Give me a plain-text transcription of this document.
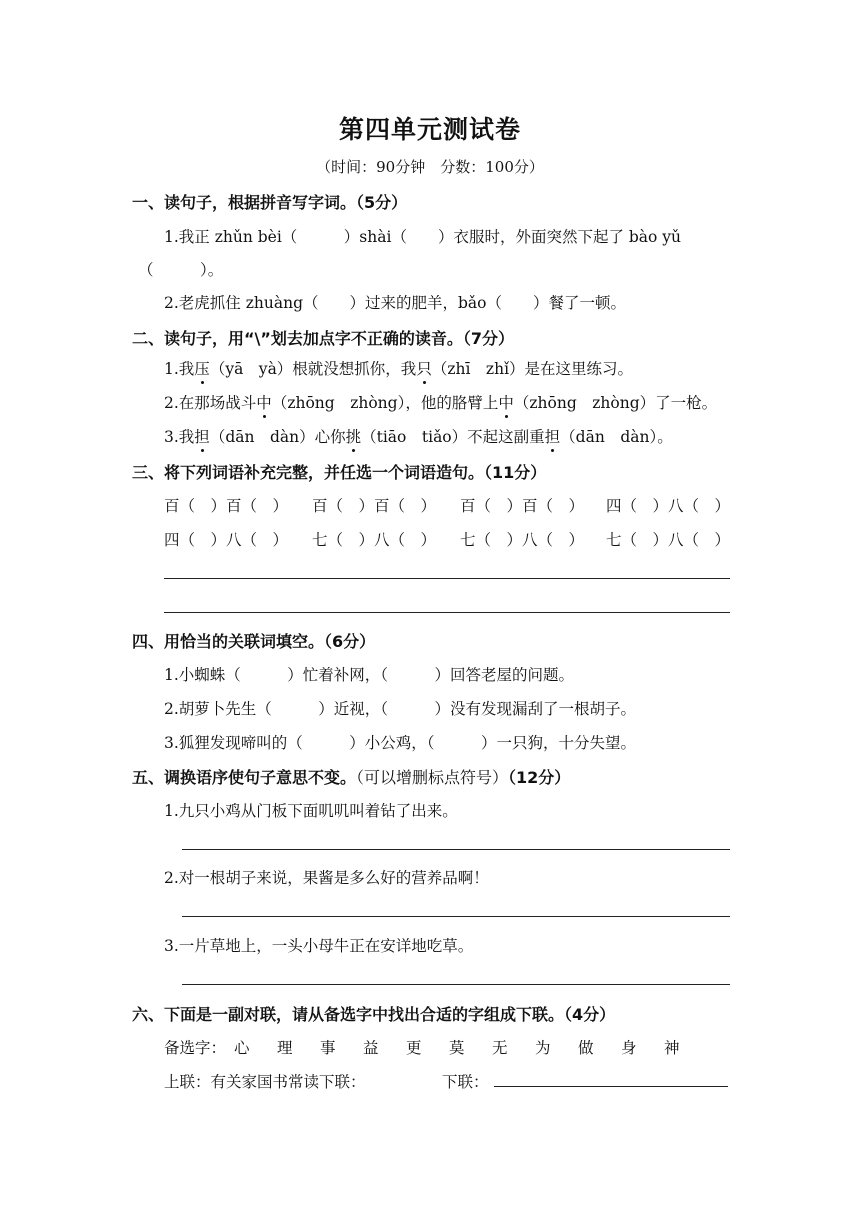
第四单元测试卷
（时间：90分钟　分数：100分）
一、读句子，根据拼音写字词。（5分）
1.我正 zhǔn bèi（　　　）shài（　　）衣服时，外面突然下起了 bào yǔ
（　　　）。
2.老虎抓住 zhuàng（　　）过来的肥羊，bǎo（　　）餐了一顿。
二、读句子，用“\”划去加点字不正确的读音。（7分）
1.我压（yā　yà）根就没想抓你，我只（zhī　zhǐ）是在这里练习。
2.在那场战斗中（zhōng　zhòng），他的胳臂上中（zhōng　zhòng）了一枪。
3.我担（dān　dàn）心你挑（tiāo　tiǎo）不起这副重担（dān　dàn）。
三、将下列词语补充完整，并任选一个词语造句。（11分）
百（　）百（　） 百（　）百（　） 百（　）百（　） 四（　）八（　）
四（　）八（　） 七（　）八（　） 七（　）八（　） 七（　）八（　）
四、用恰当的关联词填空。（6分）
1.小蜘蛛（　　　）忙着补网，（　　　）回答老屋的问题。
2.胡萝卜先生（　　　）近视，（　　　）没有发现漏刮了一根胡子。
3.狐狸发现啼叫的（　　　）小公鸡，（　　　）一只狗，十分失望。
五、调换语序使句子意思不变。（可以增删标点符号）（12分）
1.九只小鸡从门板下面叽叽叫着钻了出来。
2.对一根胡子来说，果酱是多么好的营养品啊！
3.一片草地上，一头小母牛正在安详地吃草。
六、下面是一副对联，请从备选字中找出合适的字组成下联。（4分）
备选字： 心 理 事 益 更 莫 无 为 做 身 神
上联：有关家国书常读下联：	下联：
